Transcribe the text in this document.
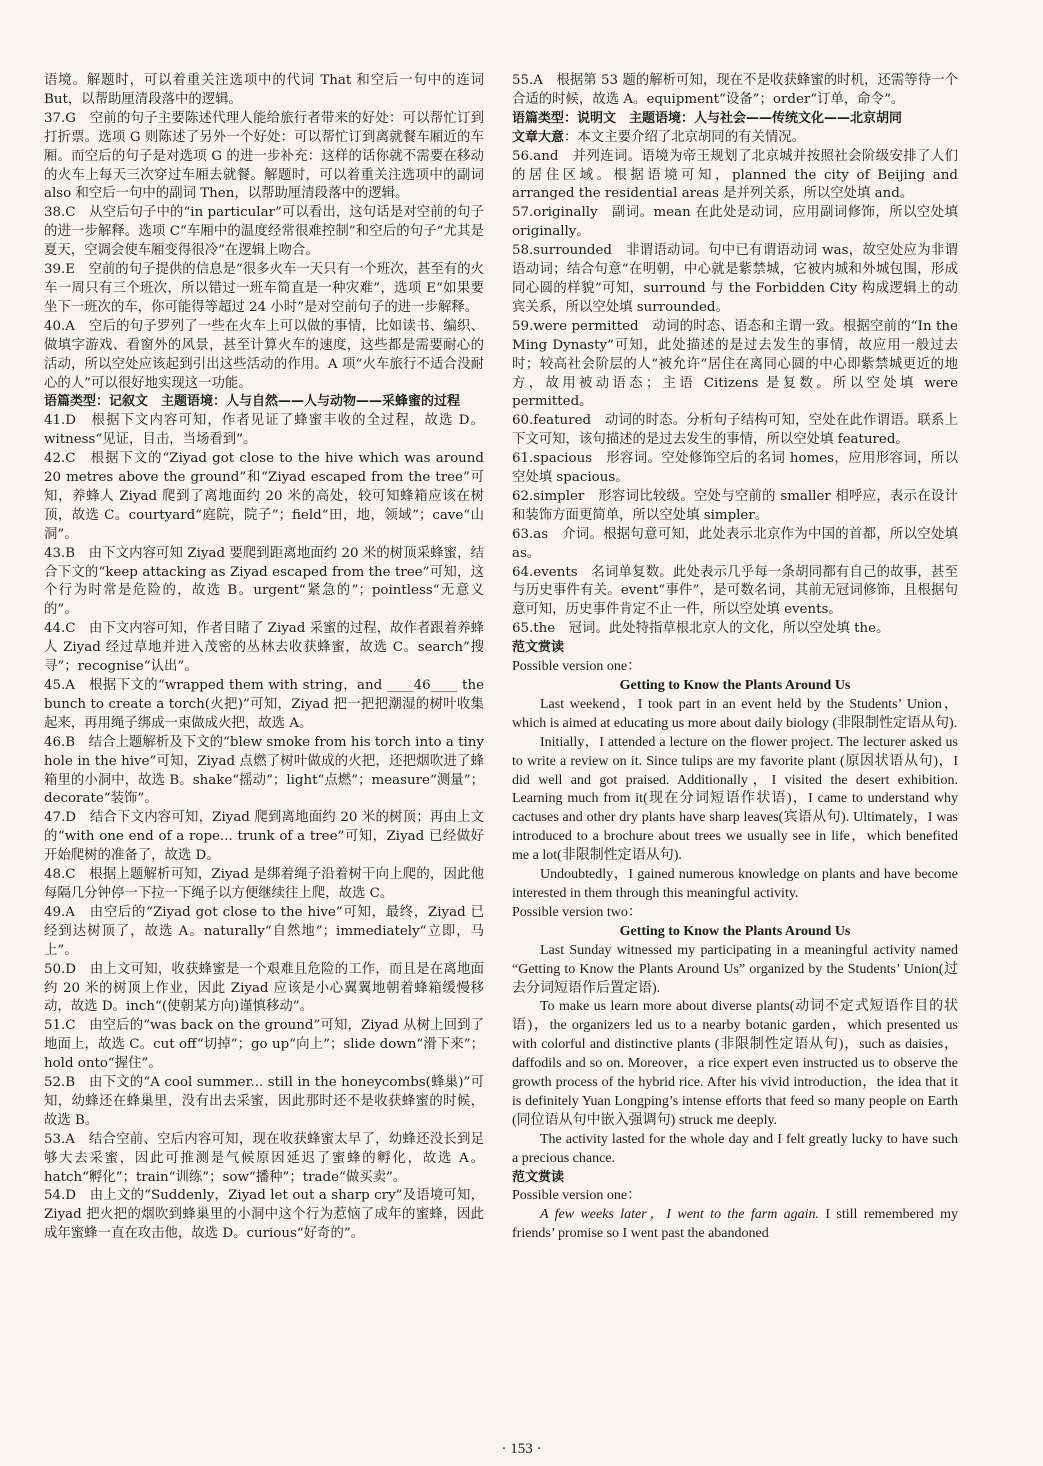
语境。解题时，可以着重关注选项中的代词 That 和空后一句中的连词 But，以帮助厘清段落中的逻辑。

37.G　空前的句子主要陈述代理人能给旅行者带来的好处：可以帮忙订到打折票。选项 G 则陈述了另外一个好处：可以帮忙订到离就餐车厢近的车厢。而空后的句子是对选项 G 的进一步补充：这样的话你就不需要在移动的火车上每天三次穿过车厢去就餐。解题时，可以着重关注选项中的副词 also 和空后一句中的副词 Then，以帮助厘清段落中的逻辑。

38.C　从空后句子中的“in particular”可以看出，这句话是对空前的句子的进一步解释。选项 C“车厢中的温度经常很难控制”和空后的句子“尤其是夏天，空调会使车厢变得很冷”在逻辑上吻合。

39.E　空前的句子提供的信息是“很多火车一天只有一个班次，甚至有的火车一周只有三个班次，所以错过一班车简直是一种灾难”，选项 E“如果要坐下一班次的车，你可能得等超过 24 小时”是对空前句子的进一步解释。

40.A　空后的句子罗列了一些在火车上可以做的事情，比如读书、编织、做填字游戏、看窗外的风景，甚至计算火车的速度，这些都是需要耐心的活动，所以空处应该起到引出这些活动的作用。A 项“火车旅行不适合没耐心的人”可以很好地实现这一功能。

语篇类型：记叙文　主题语境：人与自然——人与动物——采蜂蜜的过程

41.D　根据下文内容可知，作者见证了蜂蜜丰收的全过程，故选 D。witness“见证，目击，当场看到”。

42.C　根据下文的“Ziyad got close to the hive which was around 20 metres above the ground”和“Ziyad escaped from the tree”可知，养蜂人 Ziyad 爬到了离地面约 20 米的高处，较可知蜂箱应该在树顶，故选 C。courtyard“庭院，院子”；field“田，地，领域”；cave“山洞”。

43.B　由下文内容可知 Ziyad 要爬到距离地面约 20 米的树顶采蜂蜜，结合下文的“keep attacking as Ziyad escaped from the tree”可知，这个行为时常是危险的，故选 B。urgent“紧急的”；pointless“无意义的”。

44.C　由下文内容可知，作者目睹了 Ziyad 采蜜的过程，故作者跟着养蜂人 Ziyad 经过草地并进入茂密的丛林去收获蜂蜜，故选 C。search“搜寻”；recognise“认出”。

45.A　根据下文的“wrapped them with string，and ____46____ the bunch to create a torch(火把)”可知，Ziyad 把一把把潮湿的树叶收集起来，再用绳子绑成一束做成火把，故选 A。

46.B　结合上题解析及下文的“blew smoke from his torch into a tiny hole in the hive”可知，Ziyad 点燃了树叶做成的火把，还把烟吹进了蜂箱里的小洞中，故选 B。shake“摇动”；light“点燃”；measure“测量”；decorate“装饰”。

47.D　结合下文内容可知，Ziyad 爬到离地面约 20 米的树顶；再由上文的“with one end of a rope... trunk of a tree”可知，Ziyad 已经做好开始爬树的准备了，故选 D。

48.C　根据上题解析可知，Ziyad 是绑着绳子沿着树干向上爬的，因此他每隔几分钟停一下拉一下绳子以方便继续往上爬，故选 C。

49.A　由空后的“Ziyad got close to the hive”可知，最终，Ziyad 已经到达树顶了，故选 A。naturally“自然地”；immediately“立即，马上”。

50.D　由上文可知，收获蜂蜜是一个艰难且危险的工作，而且是在离地面约 20 米的树顶上作业，因此 Ziyad 应该是小心翼翼地朝着蜂箱缓慢移动，故选 D。inch“(使朝某方向)谨慎移动”。

51.C　由空后的“was back on the ground”可知，Ziyad 从树上回到了地面上，故选 C。cut off“切掉”；go up“向上”；slide down“滑下来”；hold onto“握住”。

52.B　由下文的“A cool summer... still in the honeycombs(蜂巢)”可知，幼蜂还在蜂巢里，没有出去采蜜，因此那时还不是收获蜂蜜的时候，故选 B。

53.A　结合空前、空后内容可知，现在收获蜂蜜太早了，幼蜂还没长到足够大去采蜜，因此可推测是气候原因延迟了蜜蜂的孵化，故选 A。hatch“孵化”；train“训练”；sow“播种”；trade“做买卖”。

54.D　由上文的“Suddenly，Ziyad let out a sharp cry”及语境可知，Ziyad 把火把的烟吹到蜂巢里的小洞中这个行为惹恼了成年的蜜蜂，因此成年蜜蜂一直在攻击他，故选 D。curious“好奇的”。

55.A　根据第 53 题的解析可知，现在不是收获蜂蜜的时机，还需等待一个合适的时候，故选 A。equipment“设备”；order“订单，命令”。

语篇类型：说明文　主题语境：人与社会——传统文化——北京胡同

文章大意：本文主要介绍了北京胡同的有关情况。

56.and　并列连词。语境为帝王规划了北京城并按照社会阶级安排了人们的居住区域。根据语境可知，planned the city of Beijing and arranged the residential areas 是并列关系，所以空处填 and。

57.originally　副词。mean 在此处是动词，应用副词修饰，所以空处填 originally。

58.surrounded　非谓语动词。句中已有谓语动词 was，故空处应为非谓语动词；结合句意“在明朝，中心就是紫禁城，它被内城和外城包围，形成同心圆的样貌”可知，surround 与 the Forbidden City 构成逻辑上的动宾关系，所以空处填 surrounded。

59.were permitted　动词的时态、语态和主谓一致。根据空前的“In the Ming Dynasty”可知，此处描述的是过去发生的事情，故应用一般过去时；较高社会阶层的人“被允许”居住在离同心圆的中心即紫禁城更近的地方，故用被动语态；主语 Citizens 是复数。所以空处填 were permitted。

60.featured　动词的时态。分析句子结构可知，空处在此作谓语。联系上下文可知，该句描述的是过去发生的事情，所以空处填 featured。

61.spacious　形容词。空处修饰空后的名词 homes，应用形容词，所以空处填 spacious。

62.simpler　形容词比较级。空处与空前的 smaller 相呼应，表示在设计和装饰方面更简单，所以空处填 simpler。

63.as　介词。根据句意可知，此处表示北京作为中国的首都，所以空处填 as。

64.events　名词单复数。此处表示几乎每一条胡同都有自己的故事，甚至与历史事件有关。event“事件”，是可数名词，其前无冠词修饰，且根据句意可知，历史事件肯定不止一件，所以空处填 events。

65.the　冠词。此处特指草根北京人的文化，所以空处填 the。

范文赏读

Possible version one：

Getting to Know the Plants Around Us

Last weekend，I took part in an event held by the Students’ Union，which is aimed at educating us more about daily biology (非限制性定语从句).

Initially，I attended a lecture on the flower project. The lecturer asked us to write a review on it. Since tulips are my favorite plant (原因状语从句)，I did well and got praised. Additionally，I visited the desert exhibition. Learning much from it(现在分词短语作状语)，I came to understand why cactuses and other dry plants have sharp leaves(宾语从句). Ultimately，I was introduced to a brochure about trees we usually see in life，which benefited me a lot(非限制性定语从句).

Undoubtedly，I gained numerous knowledge on plants and have become interested in them through this meaningful activity.

Possible version two：

Getting to Know the Plants Around Us

Last Sunday witnessed my participating in a meaningful activity named “Getting to Know the Plants Around Us” organized by the Students’ Union(过去分词短语作后置定语).

To make us learn more about diverse plants(动词不定式短语作目的状语)，the organizers led us to a nearby botanic garden，which presented us with colorful and distinctive plants (非限制性定语从句)，such as daisies，daffodils and so on. Moreover，a rice expert even instructed us to observe the growth process of the hybrid rice. After his vivid introduction，the idea that it is definitely Yuan Longping’s intense efforts that feed so many people on Earth (同位语从句中嵌入强调句) struck me deeply.

The activity lasted for the whole day and I felt greatly lucky to have such a precious chance.

范文赏读

Possible version one：

A few weeks later，I went to the farm again. I still remembered my friends’ promise so I went past the abandoned

· 153 ·
